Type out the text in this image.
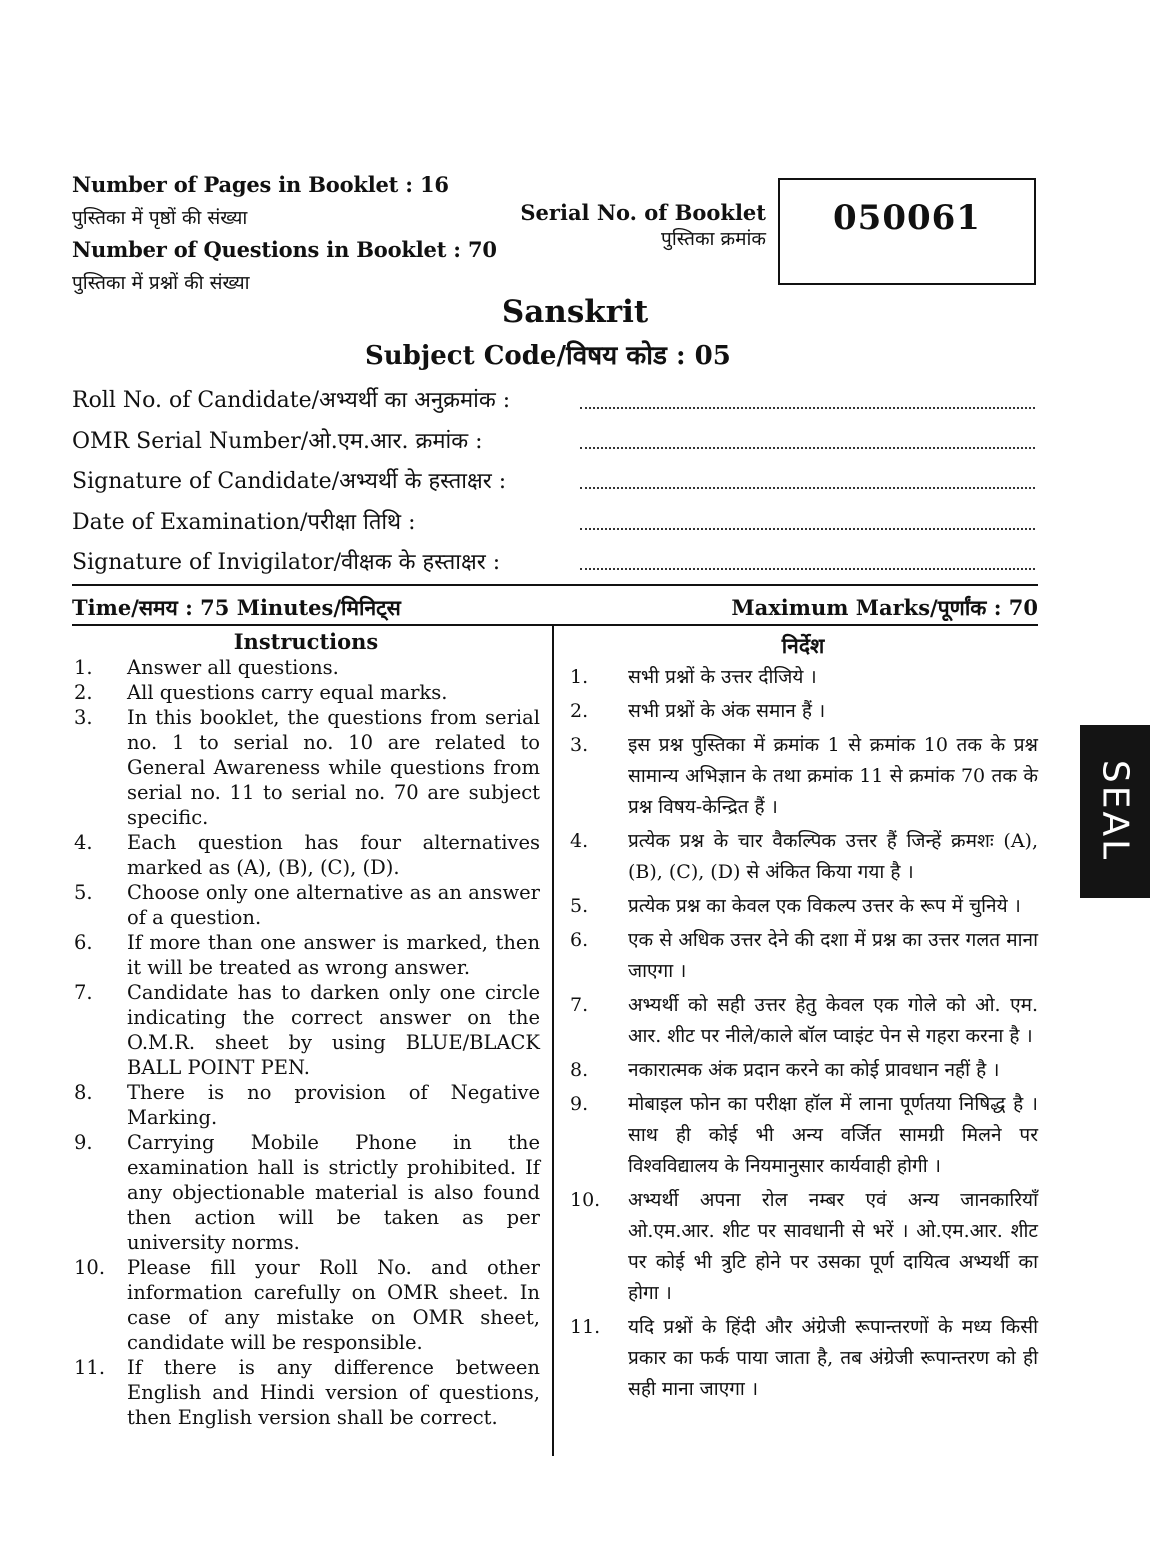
Number of Pages in Booklet : 16
पुस्तिका में पृष्ठों की संख्या
Number of Questions in Booklet : 70
पुस्तिका में प्रश्नों की संख्या
Serial No. of Booklet
पुस्तिका क्रमांक
050061
Sanskrit
Subject Code/विषय कोड : 05
Roll No. of Candidate/अभ्यर्थी का अनुक्रमांक :
OMR Serial Number/ओ.एम.आर. क्रमांक :
Signature of Candidate/अभ्यर्थी के हस्ताक्षर :
Date of Examination/परीक्षा तिथि :
Signature of Invigilator/वीक्षक के हस्ताक्षर :
Time/समय : 75 Minutes/मिनिट्स	Maximum Marks/पूर्णांक : 70
Instructions
1.	Answer all questions.
2.	All questions carry equal marks.
3.	In this booklet, the questions from serial no. 1 to serial no. 10 are related to General Awareness while questions from serial no. 11 to serial no. 70 are subject specific.
4.	Each question has four alternatives marked as (A), (B), (C), (D).
5.	Choose only one alternative as an answer of a question.
6.	If more than one answer is marked, then it will be treated as wrong answer.
7.	Candidate has to darken only one circle indicating the correct answer on the O.M.R. sheet by using BLUE/BLACK BALL POINT PEN.
8.	There is no provision of Negative Marking.
9.	Carrying Mobile Phone in the examination hall is strictly prohibited. If any objectionable material is also found then action will be taken as per university norms.
10.	Please fill your Roll No. and other information carefully on OMR sheet. In case of any mistake on OMR sheet, candidate will be responsible.
11.	If there is any difference between English and Hindi version of questions, then English version shall be correct.
निर्देश
1.	सभी प्रश्नों के उत्तर दीजिये ।
2.	सभी प्रश्नों के अंक समान हैं ।
3.	इस प्रश्न पुस्तिका में क्रमांक 1 से क्रमांक 10 तक के प्रश्न सामान्य अभिज्ञान के तथा क्रमांक 11 से क्रमांक 70 तक के प्रश्न विषय-केन्द्रित हैं ।
4.	प्रत्येक प्रश्न के चार वैकल्पिक उत्तर हैं जिन्हें क्रमशः (A), (B), (C), (D) से अंकित किया गया है ।
5.	प्रत्येक प्रश्न का केवल एक विकल्प उत्तर के रूप में चुनिये ।
6.	एक से अधिक उत्तर देने की दशा में प्रश्न का उत्तर गलत माना जाएगा ।
7.	अभ्यर्थी को सही उत्तर हेतु केवल एक गोले को ओ. एम. आर. शीट पर नीले/काले बॉल प्वाइंट पेन से गहरा करना है ।
8.	नकारात्मक अंक प्रदान करने का कोई प्रावधान नहीं है ।
9.	मोबाइल फोन का परीक्षा हॉल में लाना पूर्णतया निषिद्ध है । साथ ही कोई भी अन्य वर्जित सामग्री मिलने पर विश्वविद्यालय के नियमानुसार कार्यवाही होगी ।
10.	अभ्यर्थी अपना रोल नम्बर एवं अन्य जानकारियाँ ओ.एम.आर. शीट पर सावधानी से भरें । ओ.एम.आर. शीट पर कोई भी त्रुटि होने पर उसका पूर्ण दायित्व अभ्यर्थी का होगा ।
11.	यदि प्रश्नों के हिंदी और अंग्रेजी रूपान्तरणों के मध्य किसी प्रकार का फर्क पाया जाता है, तब अंग्रेजी रूपान्तरण को ही सही माना जाएगा ।
SEAL
